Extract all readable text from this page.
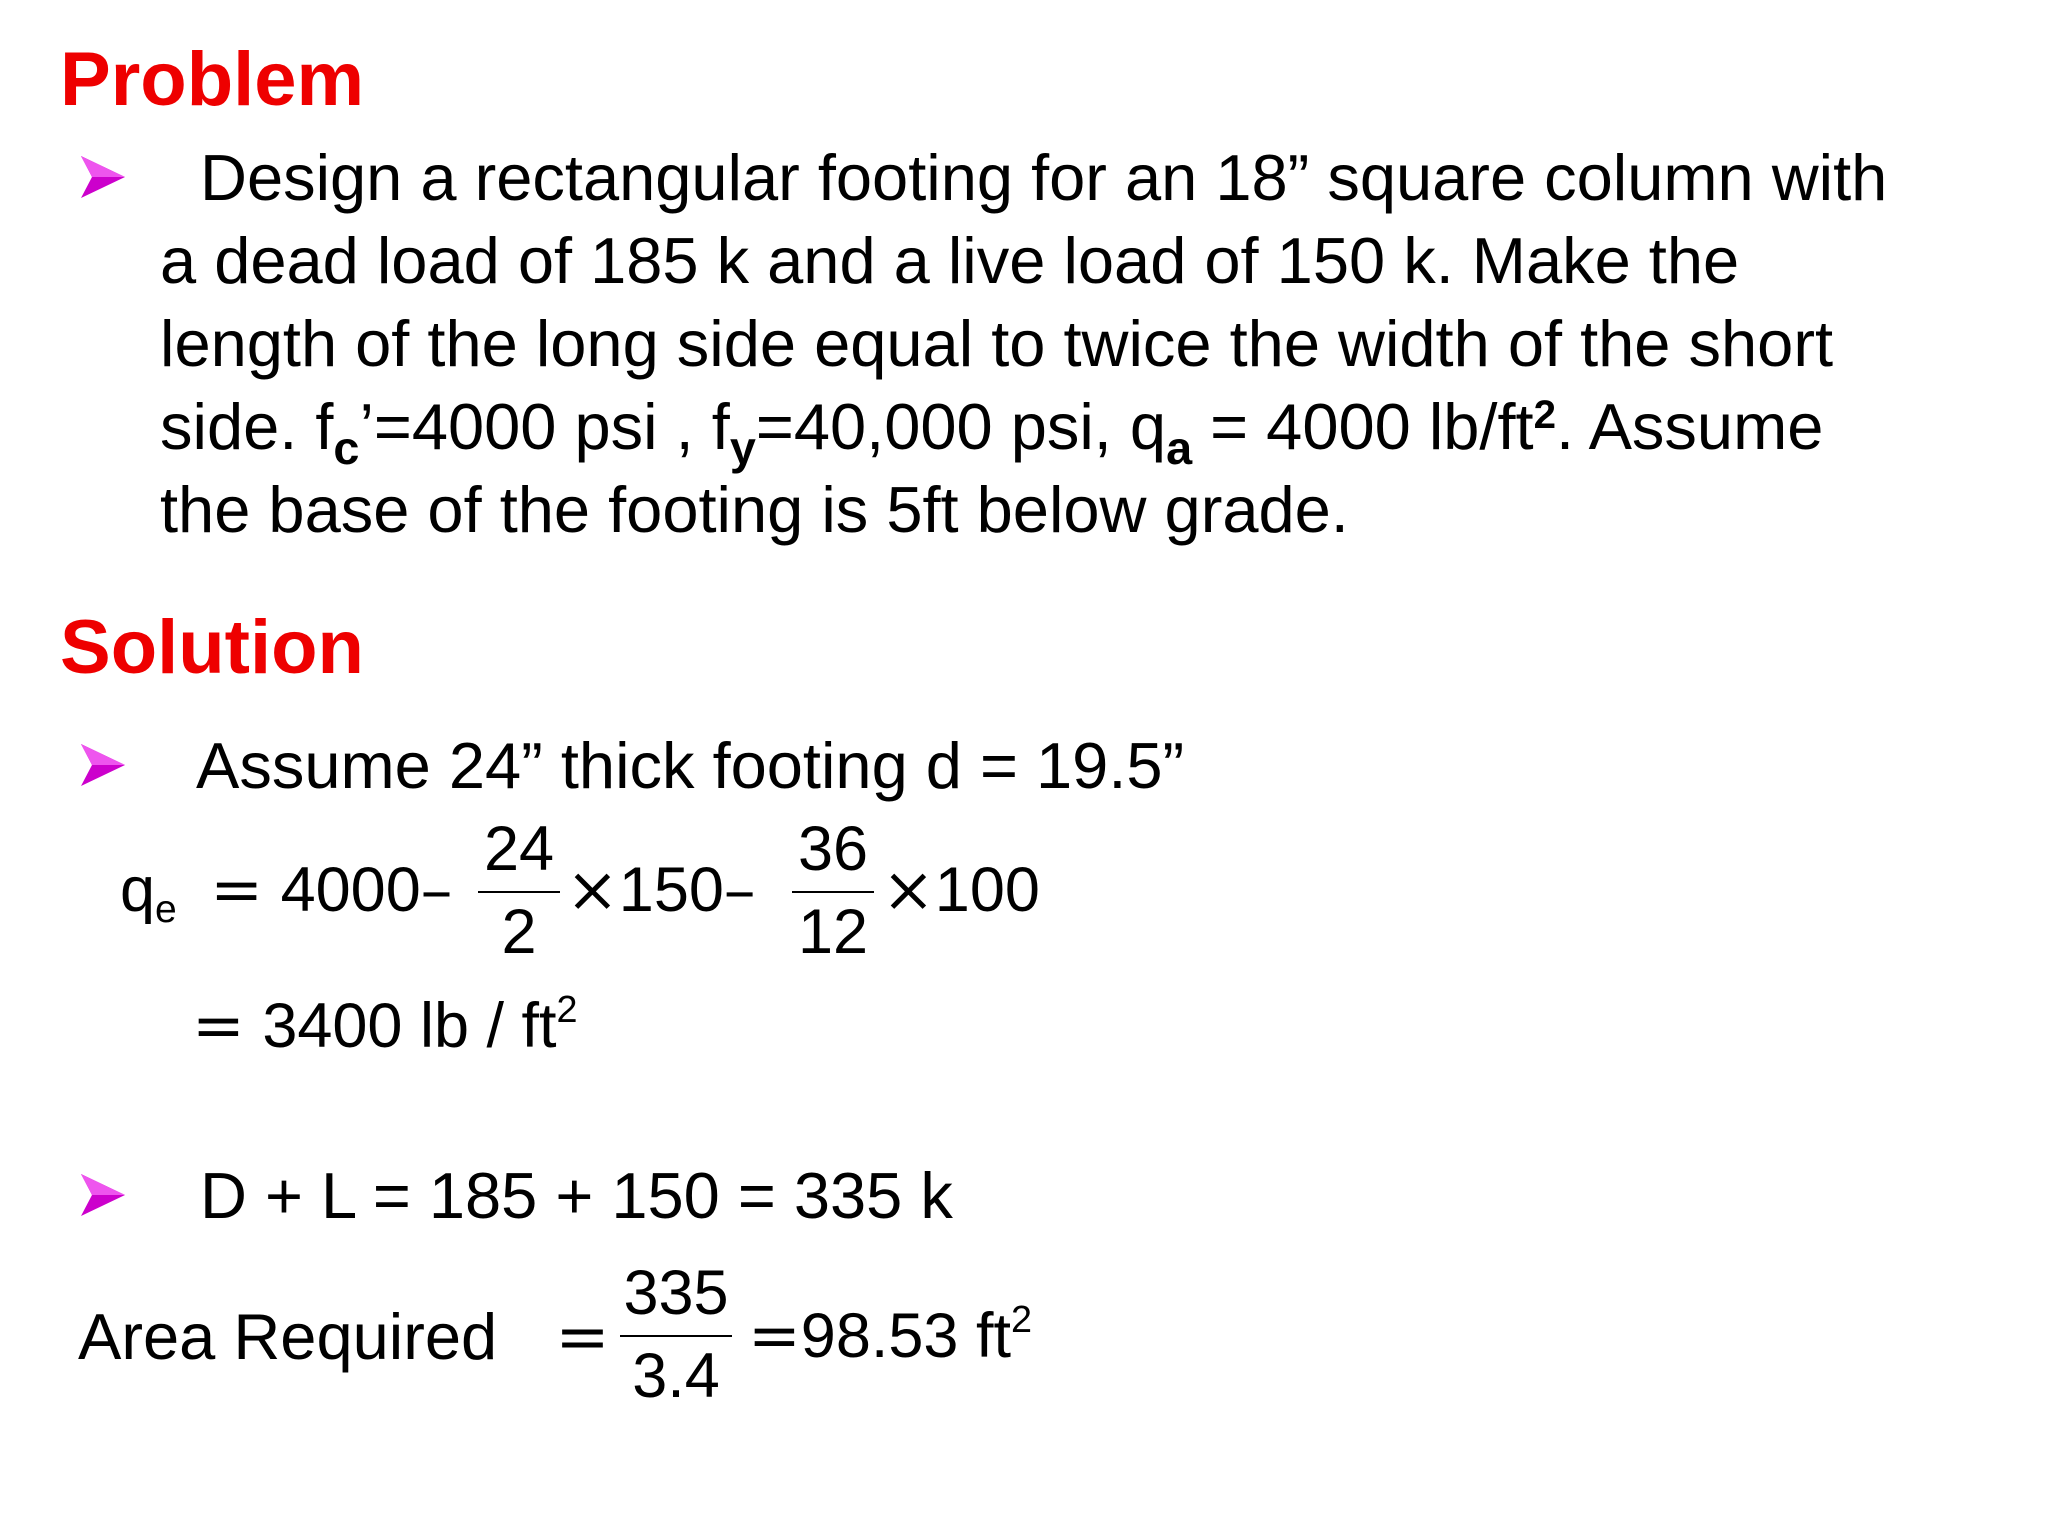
Problem
Design a rectangular footing for an 18” square column with
a dead load of 185 k and a live load of 150 k. Make the
length of the long side equal to twice the width of the short
side. $f_c’=4000$ psi , $f_y=40,000$ psi, $q_a = 4000$ $lb/ft^2$. Assume
the base of the footing is 5ft below grade.
Solution
Assume 24” thick footing d = 19.5”
qe = 4000–
24
2
×150–
36
12
×100
= 3400 lb / $ft^2$
D + L = 185 + 150 = 335 k
Area Required =
335
3.4
=98.53 $ft^2$
